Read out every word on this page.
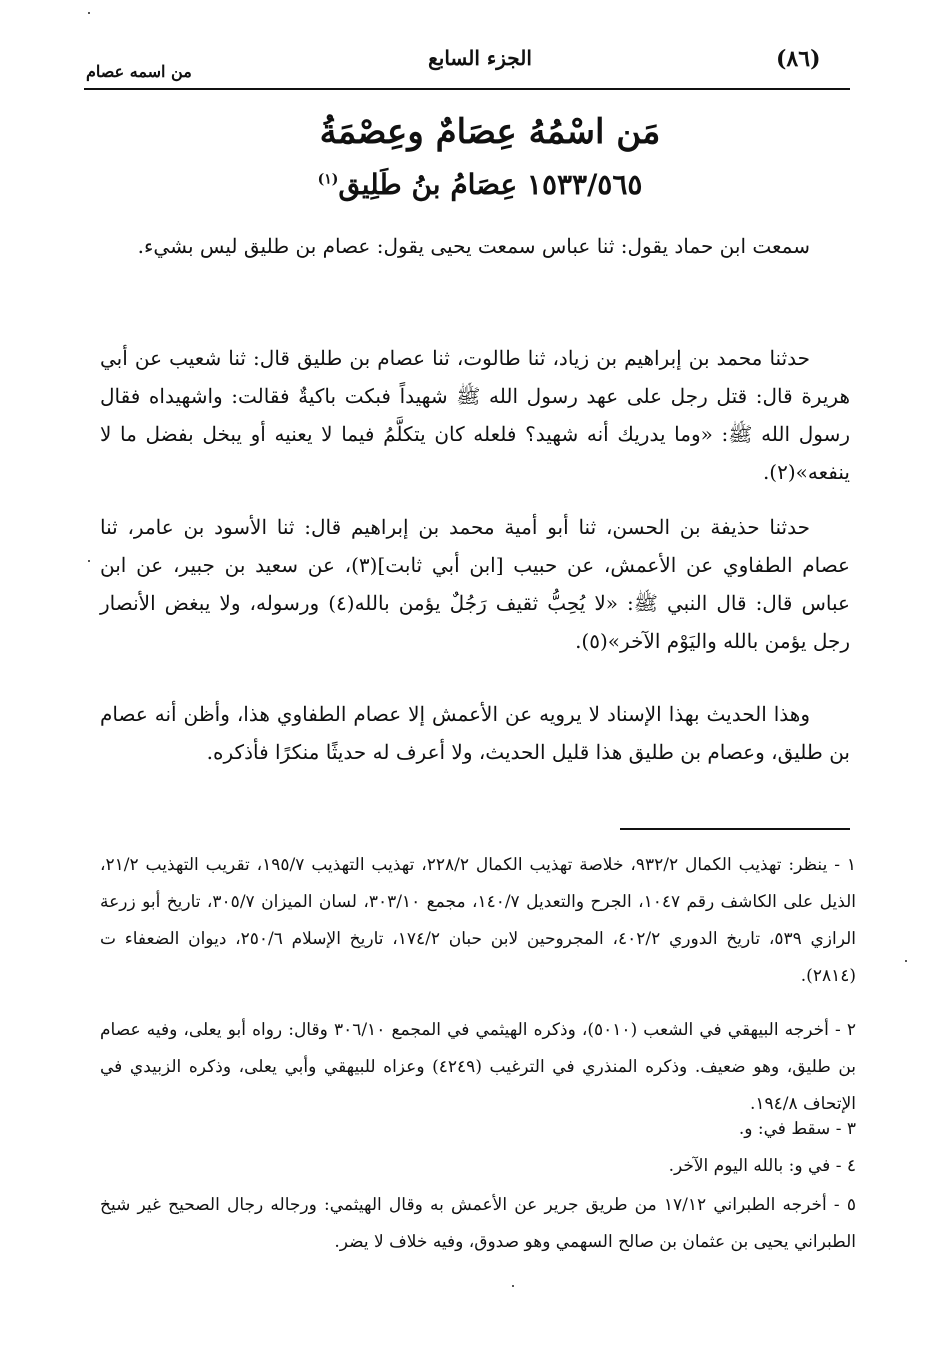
(٨٦)
الجزء السابع
من اسمه عصام
مَن اسْمُهُ عِصَامٌ وعِصْمَةُ
١٥٣٣/٥٦٥ عِصَامُ بنُ طَلِيق$^{(١)}$
سمعت ابن حماد يقول: ثنا عباس سمعت يحيى يقول: عصام بن طليق ليس بشيء.
حدثنا محمد بن إبراهيم بن زياد، ثنا طالوت، ثنا عصام بن طليق قال: ثنا شعيب عن أبي هريرة قال: قتل رجل على عهد رسول الله ﷺ شهيداً فبكت باكيةٌ فقالت: واشهيداه فقال رسول الله ﷺ: «وما يدريك أنه شهيد؟ فلعله كان يتكلَّمُ فيما لا يعنيه أو يبخل بفضل ما لا ينفعه»(٢).
حدثنا حذيفة بن الحسن، ثنا أبو أمية محمد بن إبراهيم قال: ثنا الأسود بن عامر، ثنا عصام الطفاوي عن الأعمش، عن حبيب [ابن أبي ثابت](٣)، عن سعيد بن جبير، عن ابن عباس قال: قال النبي ﷺ: «لا يُحِبُّ ثقيف رَجُلٌ يؤمن بالله(٤) ورسوله، ولا يبغض الأنصار رجل يؤمن بالله واليَوْم الآخر»(٥).
وهذا الحديث بهذا الإسناد لا يرويه عن الأعمش إلا عصام الطفاوي هذا، وأظن أنه عصام بن طليق، وعصام بن طليق هذا قليل الحديث، ولا أعرف له حديثًا منكرًا فأذكره.
١ - ينظر: تهذيب الكمال ٩٣٢/٢، خلاصة تهذيب الكمال ٢٢٨/٢، تهذيب التهذيب ١٩٥/٧، تقريب التهذيب ٢١/٢، الذيل على الكاشف رقم ١٠٤٧، الجرح والتعديل ١٤٠/٧، مجمع ٣٠٣/١٠، لسان الميزان ٣٠٥/٧، تاريخ أبو زرعة الرازي ٥٣٩، تاريخ الدوري ٤٠٢/٢، المجروحين لابن حبان ١٧٤/٢، تاريخ الإسلام ٢٥٠/٦، ديوان الضعفاء ت (٢٨١٤).
٢ - أخرجه البيهقي في الشعب (٥٠١٠)، وذكره الهيثمي في المجمع ٣٠٦/١٠ وقال: رواه أبو يعلى، وفيه عصام بن طليق، وهو ضعيف. وذكره المنذري في الترغيب (٤٢٤٩) وعزاه للبيهقي وأبي يعلى، وذكره الزبيدي في الإتحاف ١٩٤/٨.
٣ - سقط في: و.
٤ - في و: بالله اليوم الآخر.
٥ - أخرجه الطبراني ١٧/١٢ من طريق جرير عن الأعمش به وقال الهيثمي: ورجاله رجال الصحيح غير شيخ الطبراني يحيى بن عثمان بن صالح السهمي وهو صدوق، وفيه خلاف لا يضر.
